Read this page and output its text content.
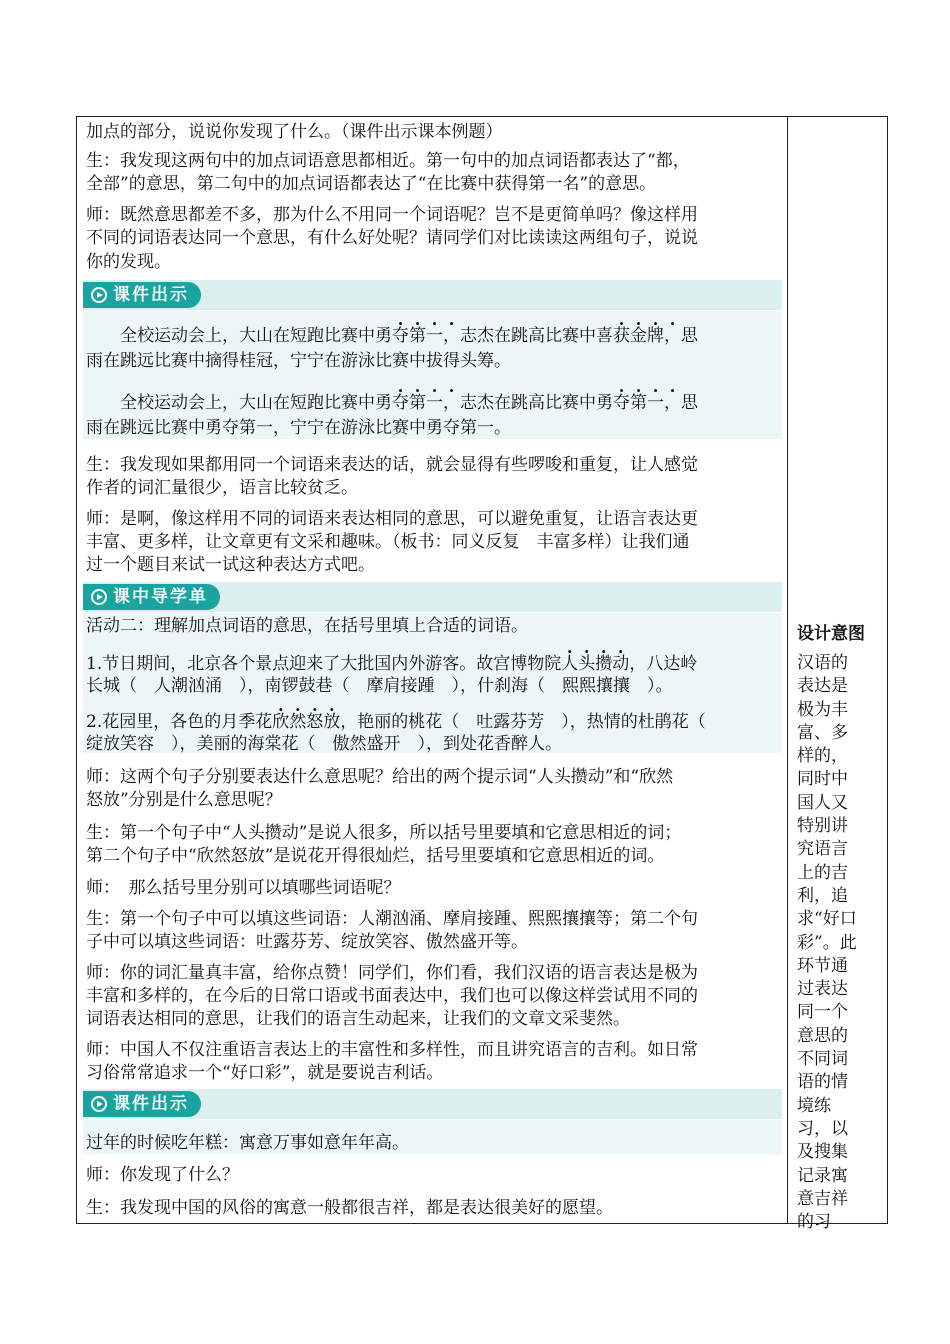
加点的部分，说说你发现了什么。（课件出示课本例题）

生：我发现这两句中的加点词语意思都相近。第一句中的加点词语都表达了“都，

全部”的意思，第二句中的加点词语都表达了“在比赛中获得第一名”的意思。

师：既然意思都差不多，那为什么不用同一个词语呢？岂不是更简单吗？像这样用

不同的词语表达同一个意思，有什么好处呢？请同学们对比读读这两组句子，说说

你的发现。

课件出示

全校运动会上，大山在短跑比赛中勇夺第一，志杰在跳高比赛中喜获金牌，思

雨在跳远比赛中摘得桂冠，宁宁在游泳比赛中拔得头筹。

全校运动会上，大山在短跑比赛中勇夺第一，志杰在跳高比赛中勇夺第一，思

雨在跳远比赛中勇夺第一，宁宁在游泳比赛中勇夺第一。

生：我发现如果都用同一个词语来表达的话，就会显得有些啰唆和重复，让人感觉

作者的词汇量很少，语言比较贫乏。

师：是啊，像这样用不同的词语来表达相同的意思，可以避免重复，让语言表达更

丰富、更多样，让文章更有文采和趣味。（板书：同义反复　丰富多样）让我们通

过一个题目来试一试这种表达方式吧。

课中导学单

活动二：理解加点词语的意思，在括号里填上合适的词语。

1.节日期间，北京各个景点迎来了大批国内外游客。故宫博物院人头攒动，八达岭

长城（　人潮汹涌　），南锣鼓巷（　摩肩接踵　），什刹海（　熙熙攘攘　）。

2.花园里，各色的月季花欣然怒放，艳丽的桃花（　吐露芬芳　），热情的杜鹃花（

绽放笑容　），美丽的海棠花（　傲然盛开　），到处花香醉人。

师：这两个句子分别要表达什么意思呢？给出的两个提示词“人头攒动”和“欣然

怒放”分别是什么意思呢？

生：第一个句子中“人头攒动”是说人很多，所以括号里要填和它意思相近的词；

第二个句子中“欣然怒放”是说花开得很灿烂，括号里要填和它意思相近的词。

师：　那么括号里分别可以填哪些词语呢？

生：第一个句子中可以填这些词语：人潮汹涌、摩肩接踵、熙熙攘攘等；第二个句

子中可以填这些词语：吐露芬芳、绽放笑容、傲然盛开等。

师：你的词汇量真丰富，给你点赞！同学们，你们看，我们汉语的语言表达是极为

丰富和多样的，在今后的日常口语或书面表达中，我们也可以像这样尝试用不同的

词语表达相同的意思，让我们的语言生动起来，让我们的文章文采斐然。

师：中国人不仅注重语言表达上的丰富性和多样性，而且讲究语言的吉利。如日常

习俗常常追求一个“好口彩”，就是要说吉利话。

课件出示

过年的时候吃年糕：寓意万事如意年年高。

师：你发现了什么？

生：我发现中国的风俗的寓意一般都很吉祥，都是表达很美好的愿望。

设计意图
汉语的表达是极为丰富、多样的，同时中国人又特别讲究语言上的吉利，追求“好口彩”。此环节通过表达同一个意思的不同词语的情境练习，以及搜集记录寓意吉祥的习
